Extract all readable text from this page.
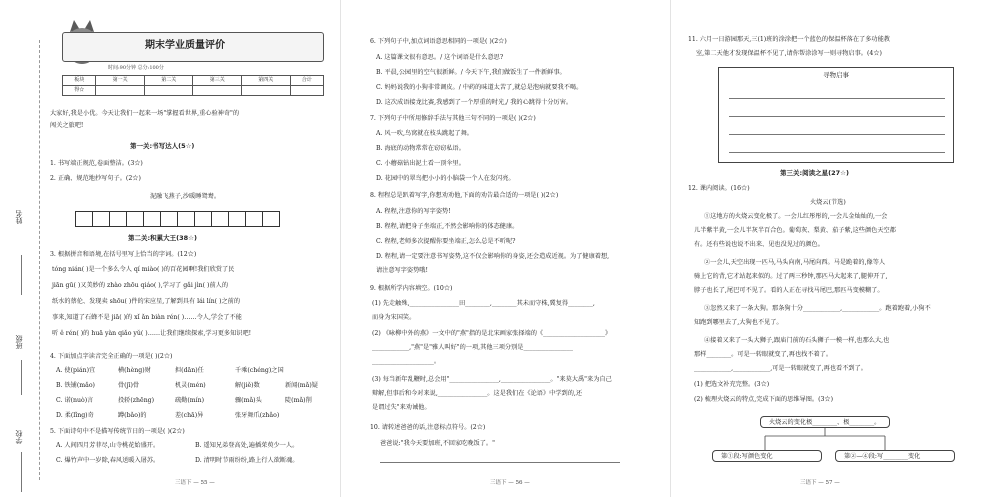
姓名
班级
学校
期末学业质量评价
时间:90分钟 总分:100分
板块	第一关	第二关	第三关	第四关	合计
得☆					
大家好,我是小优。今天让我们一起来一场"掌握看世界,重心验神奇"的
闯关之旅吧!
第一关:书写达人(5☆)
1. 书写端正规范,卷面整洁。(3☆)
2. 正确、规范地抄写句子。(2☆)
泥融飞燕子,沙暖睡鸳鸯。
第二关:积累大王(38☆)
3. 根据拼音和语境,在括号里写上恰当的字词。(12☆)
tóng nián( )是一个多么令人 qí miào( )的百花园啊!我们欣赏了民
jiān gū( )又美妙的 zhào zhōu qiáo( ),学习了 gǎi jìn( )前人的
纸水的蔡伦、发现卖 shōu( )件的宋应星,了解到具有 lái lín( )之前的
事来,知道了石蜂不是 jiā( )的 xǐ ǎn biàn rén( )……令人,学会了不能
听 ě rén( )的 huā yàn qiǎo yǔ( )……让我们继续探索,学习更多知识吧!
4. 下面加点字读音完全正确的一项是( )(2☆)
A. 使(pián)宜	横(hèng)财	担(dān)任	千乘(chéng)之国
B. 铁铺(mǎo)	骨(jī)骨	机灵(mén)	解(jiě)数	新闻(mǎ)疑
C. 诺(nuò)言	投轿(zhēng)	疏勤(mín)	骤(mǎ)头	陡(mǎ)削
D. 柔(lǐng)奇	蹲(bǎo)的	差(chā)异	张牙舞爪(zhǎo)
5. 下面诗句中不是描写传统节日的一项是( )(2☆)
A. 人间四月芳菲尽,山寺桃花始盛开。	B. 遥知兄弟登高处,遍插茱萸少一人。
C. 爆竹声中一岁除,春风送暖入屠苏。	D. 清明时节雨纷纷,路上行人欲断魂。
三语下 — 55 —
6. 下列句子中,加点词语意思相同的一项是( )(2☆)
A. 这篇课文很有意思。/ 这个词语是什么意思?
B. 平晨,公园里的空气很新鲜。/ 今天下午,我们做饭生了一件新鲜事。
C. 妈妈说我的小狗非常调皮。/ 中药的味道太苦了,就总是泡病就要我不喝。
D. 这次成语接龙比赛,我感到了一个厚重的时光,/ 我的心跳得十分厉害。
7. 下列句子中所用修辞手法与其他三句不同的一项是( )(2☆)
A. 风一吹,鸟窝就在枝头跳起了舞。
B. 海底的动物常常在窃窃私语。
C. 小蘑菇钻出泥土看一顶伞里。
D. 花园中的翠鸟把小小的小脑袋一个人在发闪亮。
8. 程程总是趴着写字,你想劝劝他,下面的劝告最合适的一项是( )(2☆)
A. 程程,注意你的写字姿势!
B. 程程,请把身子坐端正,不然会影响你的体态健康。
C. 程程,老师多次提醒你要坐端正,怎么总是不听呢?
D. 程程,请一定要注意书写姿势,这不仅会影响你的身姿,还会造成近视。为了健康着想,
请注意写字姿势哦!
9. 根据所学内容填空。(10☆)
(1) 先走触殊,________________田________,________其未而守株,冀复得________,
而身为宋国笑。
(2) 《咏柳中外的燕》一文中的"燕"指的是北宋画家张择端的《____________________》
____________,"燕"是"雅人叫好"的一项,其他三项分别是________________
____________________。
(3) 每当新年乱鞭时,总会用"________________,________________。"来莫大禹"来为自己
辩解,但事后和今对来说,________________。这是我们在《论语》中学到的,还
是谓过失"来劝诫他。
10. 请转述爸爸的话,注意标点符号。(2☆)
爸爸说:"我今天要加班,不回家吃晚饭了。"
三语下 — 56 —
11. 六月一日游园那天,三(1)班的涂涂把一个蓝色的保温杯落在了多功能教
室,第二天他才发现保温杯不见了,请你帮涂涂写一则寻物启事。(4☆)
寻物启事
第三关:阅读之星(27☆)
12. 课内阅读。(16☆)
火烧云(节选)
①这地方的火烧云变化极了。一会儿红彤彤的,一会儿金灿灿的,一会
儿半紫半黄,一会儿半灰半百合色。葡萄灰、梨黄、茄子紫,这些颜色天空都
有。还有些说也说不出来、见也没见过的颜色。
②一会儿,天空出现一匹马,马头向南,马尾向西。马是跪着的,像等人
骑上它的背,它才站起来似的。过了两三秒钟,那匹马大起来了,腿伸开了,
脖子也长了,尾巴可不见了。看的人正在寻找马尾巴,那匹马变模糊了。
③忽然又来了一条大狗。那条狗十分____________,____________。跑着跑着,小狗不
知跑到哪里去了,大狗也不见了。
④接着又来了一头大狮子,跟庙门前的石头狮子一模一样,也那么大,也
那样________。可是一转眼就变了,再也找不着了。
____________,____________,可是一转眼就变了,再也看不到了。
(1) 把选文补充完整。(3☆)
(2) 梳理火烧云的特点,完成下面的思维导图。(3☆)
火烧云的变化极________、极________。
第①段:写颜色变化	第②—④段:写________变化
三语下 — 57 —
